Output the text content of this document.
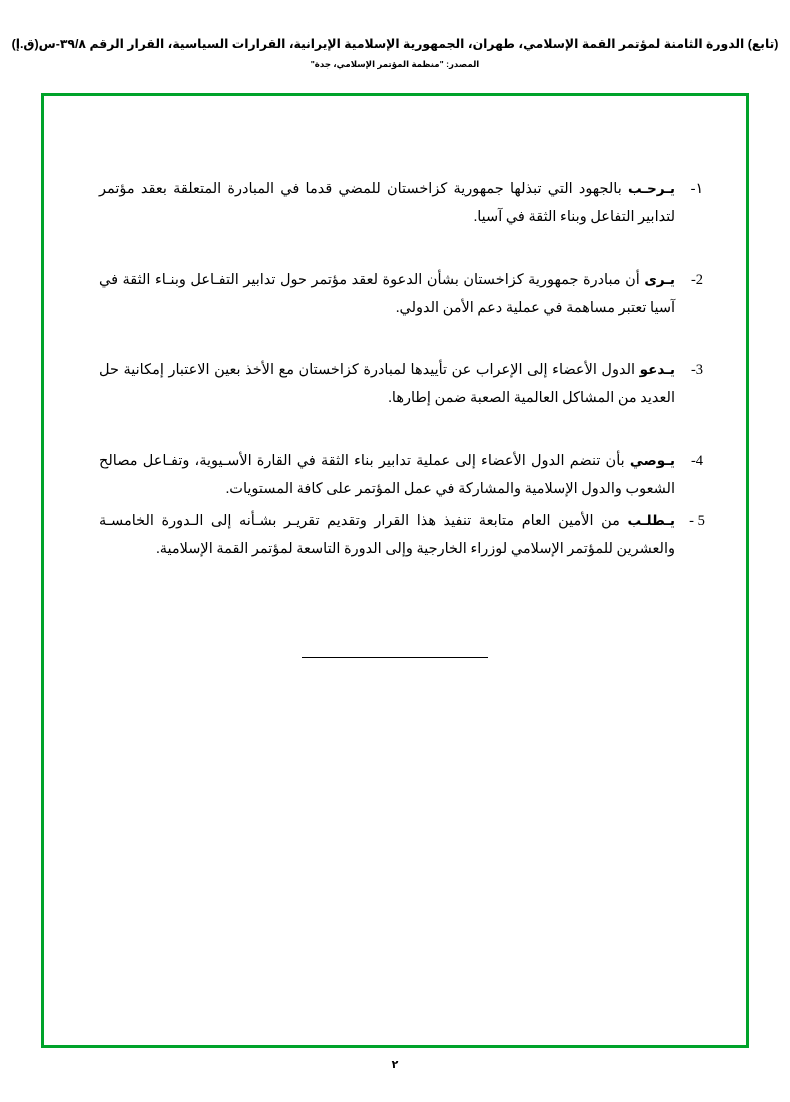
(تابع) الدورة الثامنة لمؤتمر القمة الإسلامي، طهران، الجمهورية الإسلامية الإيرانية، القرارات السياسية، القرار الرقم ٣٩/٨-س(ق.إ)
المصدر: "منظمة المؤتمر الإسلامي، جدة"
١-
يـرحـب بالجهود التي تبذلها جمهورية كزاخستان للمضي قدما في المبادرة المتعلقة بعقد مؤتمر لتدابير التفاعل وبناء الثقة في آسيا.
2-
يـرى أن مبادرة جمهورية كزاخستان بشأن الدعوة لعقد مؤتمر حول تدابير التفـاعل وبنـاء الثقة في آسيا تعتبر مساهمة في عملية دعم الأمن الدولي.
3-
يـدعو الدول الأعضاء إلى الإعراب عن تأييدها لمبادرة كزاخستان مع الأخذ بعين الاعتبار إمكانية حل العديد من المشاكل العالمية الصعبة ضمن إطارها.
4-
يـوصي بأن تنضم الدول الأعضاء إلى عملية تدابير بناء الثقة في القارة الأسـيوية، وتفـاعل مصالح الشعوب والدول الإسلامية والمشاركة في عمل المؤتمر على كافة المستويات.
5 -
يـطلـب من الأمين العام متابعة تنفيذ هذا القرار وتقديم تقريـر بشـأنه إلى الـدورة الخامسـة والعشرين للمؤتمر الإسلامي لوزراء الخارجية وإلى الدورة التاسعة لمؤتمر القمة الإسلامية.
٢
